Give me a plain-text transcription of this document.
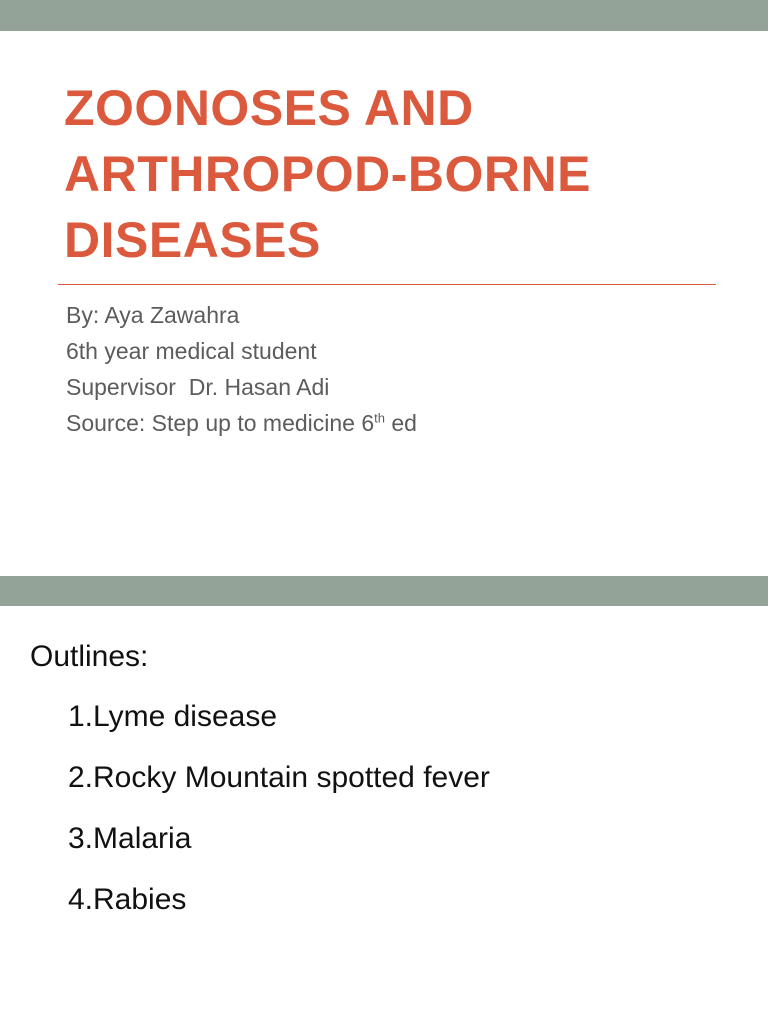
ZOONOSES AND
ARTHROPOD-BORNE
DISEASES
By: Aya Zawahra
6th year medical student
Supervisor  Dr. Hasan Adi
Source: Step up to medicine 6th ed
Outlines:
1.Lyme disease
2.Rocky Mountain spotted fever
3.Malaria
4.Rabies
